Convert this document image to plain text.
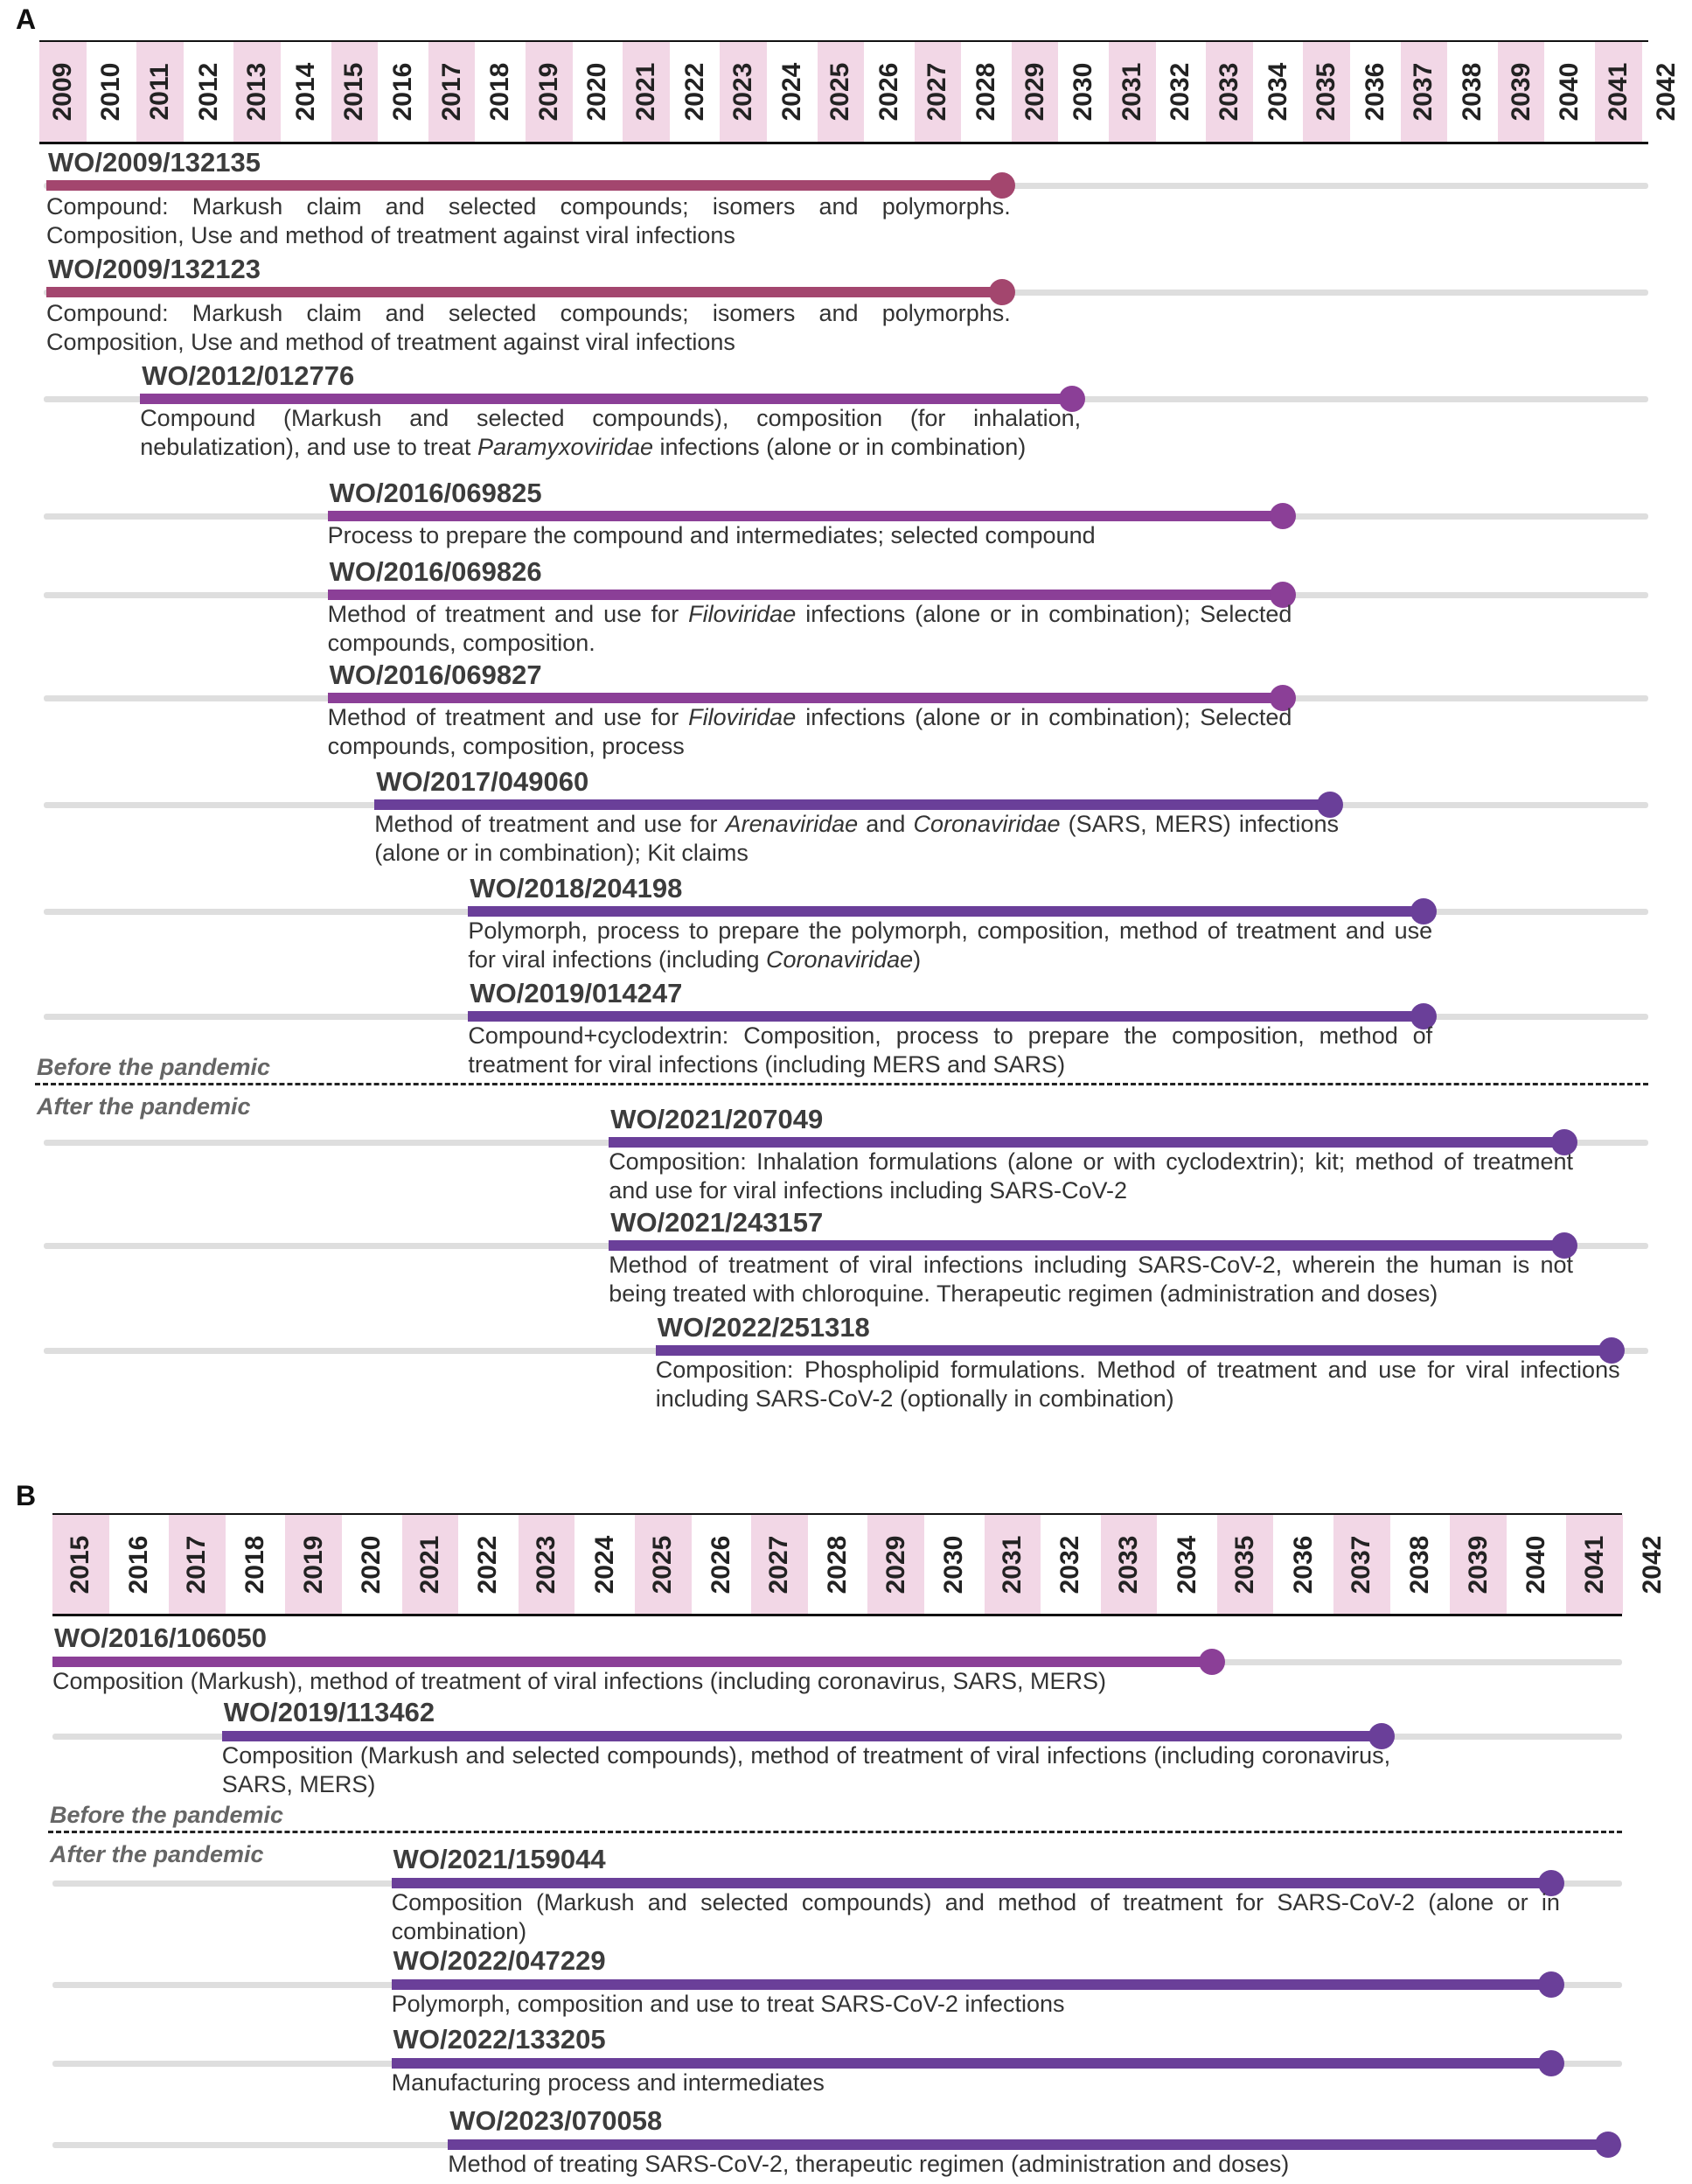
A
2009 2010 2011 2012 2013 2014 2015 2016 2017 2018 2019 2020 2021 2022 2023 2024 2025 2026 2027 2028 2029 2030 2031 2032 2033 2034 2035 2036 2037 2038 2039 2040 2041 2042
WO/2009/132135
Compound: Markush claim and selected compounds; isomers and polymorphs. Composition, Use and method of treatment against viral infections
WO/2009/132123
Compound: Markush claim and selected compounds; isomers and polymorphs. Composition, Use and method of treatment against viral infections
WO/2012/012776
Compound (Markush and selected compounds), composition (for inhalation, nebulatization), and use to treat Paramyxoviridae infections (alone or in combination)
WO/2016/069825
Process to prepare the compound and intermediates; selected compound
WO/2016/069826
Method of treatment and use for Filoviridae infections (alone or in combination); Selected compounds, composition.
WO/2016/069827
Method of treatment and use for Filoviridae infections (alone or in combination); Selected compounds, composition, process
WO/2017/049060
Method of treatment and use for Arenaviridae and Coronaviridae (SARS, MERS) infections (alone or in combination); Kit claims
WO/2018/204198
Polymorph, process to prepare the polymorph, composition, method of treatment and use for viral infections (including Coronaviridae)
WO/2019/014247
Compound+cyclodextrin: Composition, process to prepare the composition, method of treatment for viral infections (including MERS and SARS)
WO/2021/207049
Composition: Inhalation formulations (alone or with cyclodextrin); kit; method of treatment and use for viral infections including SARS-CoV-2
WO/2021/243157
Method of treatment of viral infections including SARS-CoV-2, wherein the human is not being treated with chloroquine. Therapeutic regimen (administration and doses)
WO/2022/251318
Composition: Phospholipid formulations. Method of treatment and use for viral infections including SARS-CoV-2 (optionally in combination)
Before the pandemic
After the pandemic
B
2015 2016 2017 2018 2019 2020 2021 2022 2023 2024 2025 2026 2027 2028 2029 2030 2031 2032 2033 2034 2035 2036 2037 2038 2039 2040 2041 2042
WO/2016/106050
Composition (Markush), method of treatment of viral infections (including coronavirus, SARS, MERS)
WO/2019/113462
Composition (Markush and selected compounds), method of treatment of viral infections (including coronavirus, SARS, MERS)
WO/2021/159044
Composition (Markush and selected compounds) and method of treatment for SARS-CoV-2 (alone or in combination)
WO/2022/047229
Polymorph, composition and use to treat SARS-CoV-2 infections
WO/2022/133205
Manufacturing process and intermediates
WO/2023/070058
Method of treating SARS-CoV-2, therapeutic regimen (administration and doses)
Before the pandemic
After the pandemic
